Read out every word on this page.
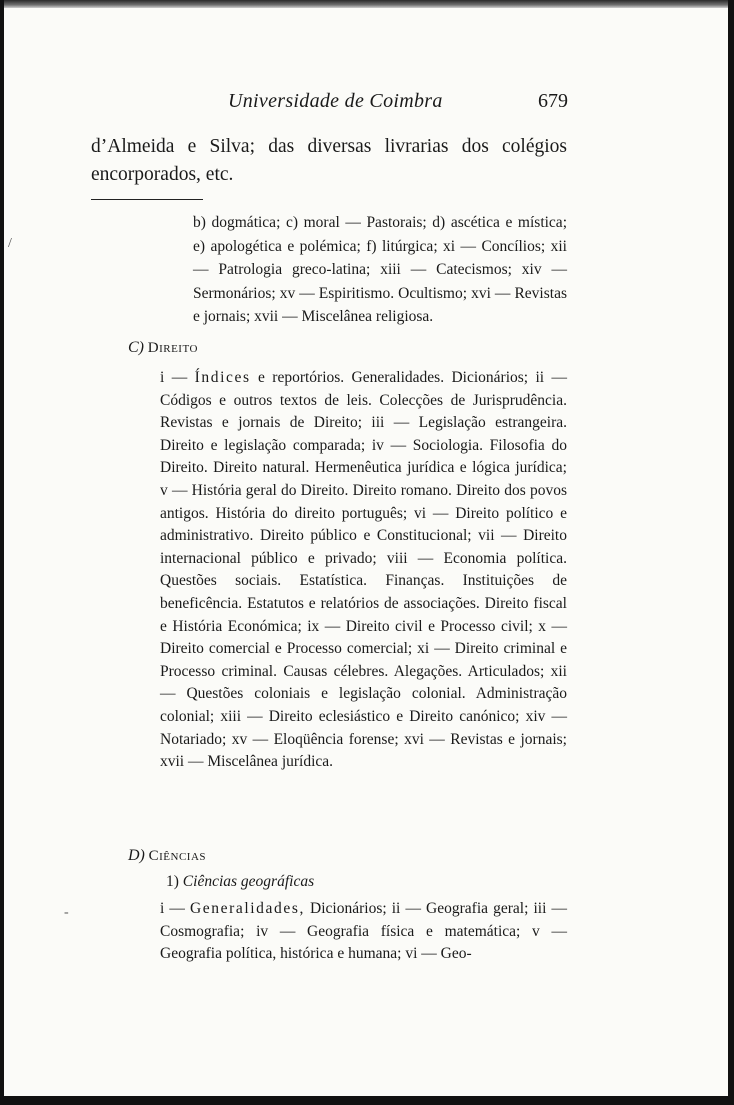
Universidade de Coimbra	679
d’Almeida e Silva; das diversas livrarias dos colégios encorporados, etc.
b) dogmática; c) moral — Pastorais; d) ascética e mística; e) apologética e polémica; f) litúrgica; xi — Concílios; xii — Patrologia greco-latina; xiii — Catecismos; xiv — Sermonários; xv — Espiritismo. Ocultismo; xvi — Revistas e jornais; xvii — Miscelânea religiosa.
C) Direito
i — Índices e reportórios. Generalidades. Dicionários; ii — Códigos e outros textos de leis. Colecções de Jurisprudência. Revistas e jornais de Direito; iii — Legislação estrangeira. Direito e legislação comparada; iv — Sociologia. Filosofia do Direito. Direito natural. Hermenêutica jurídica e lógica jurídica; v — História geral do Direito. Direito romano. Direito dos povos antigos. História do direito português; vi — Direito político e administrativo. Direito público e Constitucional; vii — Direito internacional público e privado; viii — Economia política. Questões sociais. Estatística. Finanças. Instituições de beneficência. Estatutos e relatórios de associações. Direito fiscal e História Económica; ix — Direito civil e Processo civil; x — Direito comercial e Processo comercial; xi — Direito criminal e Processo criminal. Causas célebres. Alegações. Articulados; xii — Questões coloniais e legislação colonial. Administração colonial; xiii — Direito eclesiástico e Direito canónico; xiv — Notariado; xv — Eloqüência forense; xvi — Revistas e jornais; xvii — Miscelânea jurídica.
D) Ciências
1) Ciências geográficas
i — Generalidades, Dicionários; ii — Geografia geral; iii — Cosmografia; iv — Geografia física e matemática; v — Geografia política, histórica e humana; vi — Geo-
/
-
